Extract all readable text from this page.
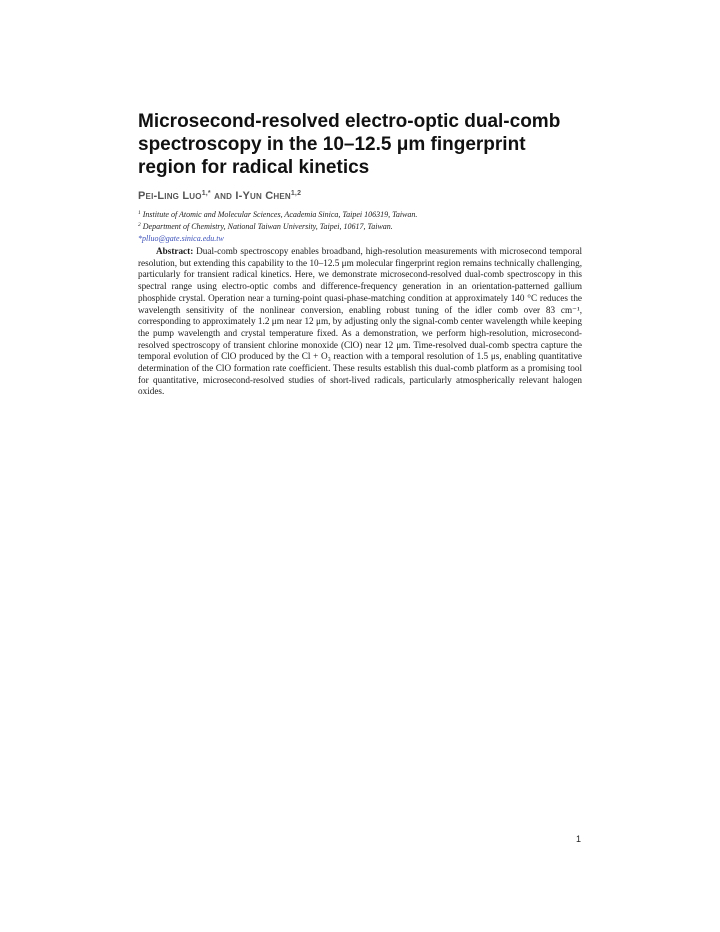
Microsecond-resolved electro-optic dual-comb spectroscopy in the 10–12.5 μm fingerprint region for radical kinetics
Pei-Ling Luo$^{1,*}$ and I-Yun Chen$^{1,2}$
$^1$ Institute of Atomic and Molecular Sciences, Academia Sinica, Taipei 106319, Taiwan.
$^2$ Department of Chemistry, National Taiwan University, Taipei, 10617, Taiwan.
*plluo@gate.sinica.edu.tw

Abstract: Dual-comb spectroscopy enables broadband, high-resolution measurements with microsecond temporal resolution, but extending this capability to the 10–12.5 μm molecular fingerprint region remains technically challenging, particularly for transient radical kinetics. Here, we demonstrate microsecond-resolved dual-comb spectroscopy in this spectral range using electro-optic combs and difference-frequency generation in an orientation-patterned gallium phosphide crystal. Operation near a turning-point quasi-phase-matching condition at approximately 140 °C reduces the wavelength sensitivity of the nonlinear conversion, enabling robust tuning of the idler comb over 83 cm⁻¹, corresponding to approximately 1.2 μm near 12 μm, by adjusting only the signal-comb center wavelength while keeping the pump wavelength and crystal temperature fixed. As a demonstration, we perform high-resolution, microsecond-resolved spectroscopy of transient chlorine monoxide (ClO) near 12 μm. Time-resolved dual-comb spectra capture the temporal evolution of ClO produced by the Cl + O₃ reaction with a temporal resolution of 1.5 μs, enabling quantitative determination of the ClO formation rate coefficient. These results establish this dual-comb platform as a promising tool for quantitative, microsecond-resolved studies of short-lived radicals, particularly atmospherically relevant halogen oxides.

1
